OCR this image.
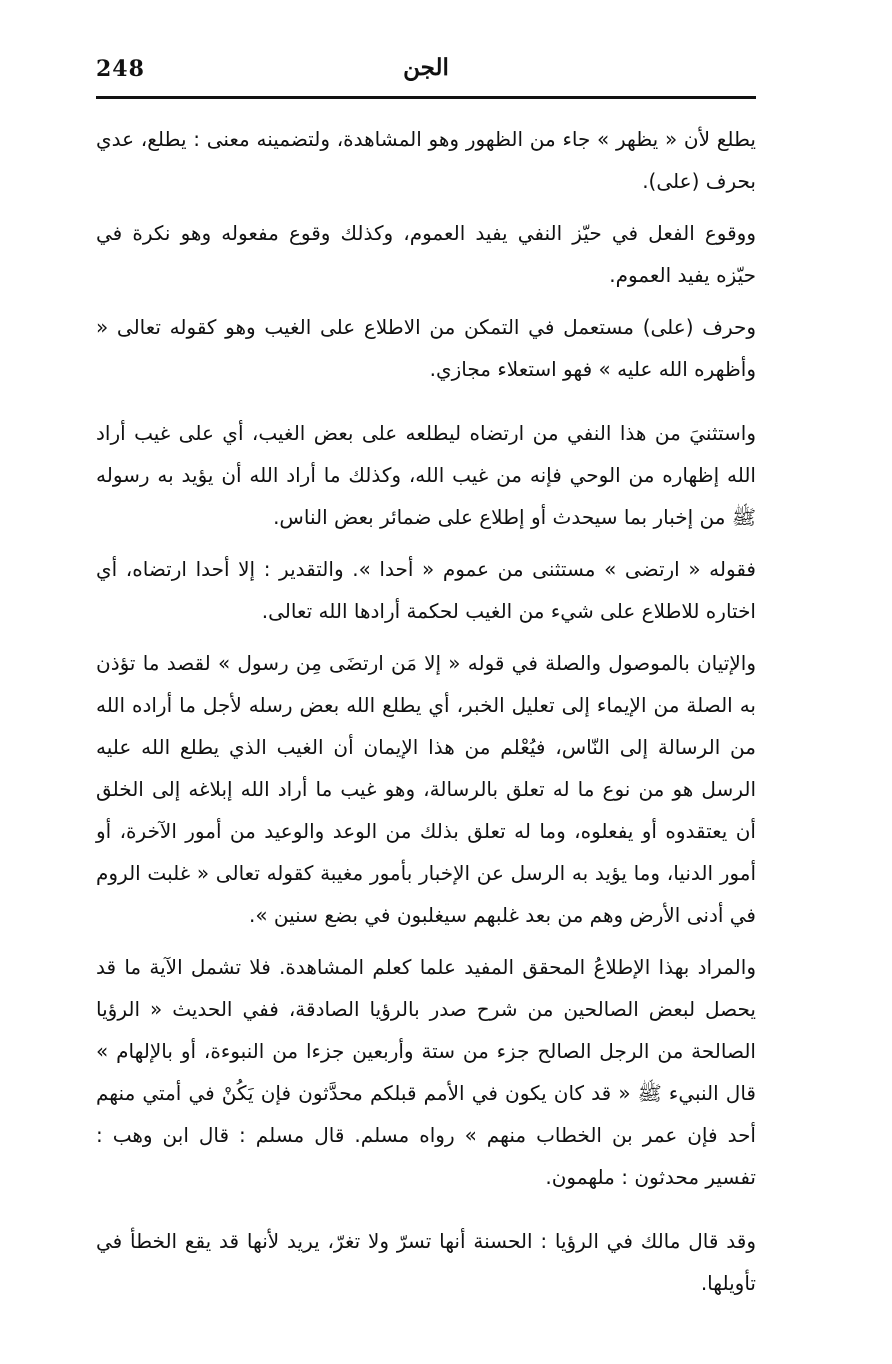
248	الجن

يطلع لأن « يظهر » جاء من الظهور وهو المشاهدة، ولتضمينه معنى : يطلع، عدي بحرف (على).

ووقوع الفعل في حيّز النفي يفيد العموم، وكذلك وقوع مفعوله وهو نكرة في حيّزه يفيد العموم.

وحرف (على) مستعمل في التمكن من الاطلاع على الغيب وهو كقوله تعالى « وأظهره الله عليه » فهو استعلاء مجازي.

واستثنيَ من هذا النفي من ارتضاه ليطلعه على بعض الغيب، أي على غيب أراد الله إظهاره من الوحي فإنه من غيب الله، وكذلك ما أراد الله أن يؤيد به رسوله ﷺ من إخبار بما سيحدث أو إطلاع على ضمائر بعض الناس.

فقوله « ارتضى » مستثنى من عموم « أحدا ». والتقدير : إلا أحدا ارتضاه، أي اختاره للاطلاع على شيء من الغيب لحكمة أرادها الله تعالى.

والإتيان بالموصول والصلة في قوله « إلا مَن ارتضَى مِن رسول » لقصد ما تؤذن به الصلة من الإيماء إلى تعليل الخبر، أي يطلع الله بعض رسله لأجل ما أراده الله من الرسالة إلى النّاس، فيُعْلم من هذا الإيمان أن الغيب الذي يطلع الله عليه الرسل هو من نوع ما له تعلق بالرسالة، وهو غيب ما أراد الله إبلاغه إلى الخلق أن يعتقدوه أو يفعلوه، وما له تعلق بذلك من الوعد والوعيد من أمور الآخرة، أو أمور الدنيا، وما يؤيد به الرسل عن الإخبار بأمور مغيبة كقوله تعالى « غلبت الروم في أدنى الأرض وهم من بعد غلبهم سيغلبون في بضع سنين ».

والمراد بهذا الإطلاعُ المحقق المفيد علما كعلم المشاهدة. فلا تشمل الآية ما قد يحصل لبعض الصالحين من شرح صدر بالرؤيا الصادقة، ففي الحديث « الرؤيا الصالحة من الرجل الصالح جزء من ستة وأربعين جزءا من النبوءة، أو بالإلهام » قال النبيء ﷺ « قد كان يكون في الأمم قبلكم محدَّثون فإن يَكُنْ في أمتي منهم أحد فإن عمر بن الخطاب منهم » رواه مسلم. قال مسلم : قال ابن وهب : تفسير محدثون : ملهمون.

وقد قال مالك في الرؤيا : الحسنة أنها تسرّ ولا تغرّ، يريد لأنها قد يقع الخطأ في تأويلها.
